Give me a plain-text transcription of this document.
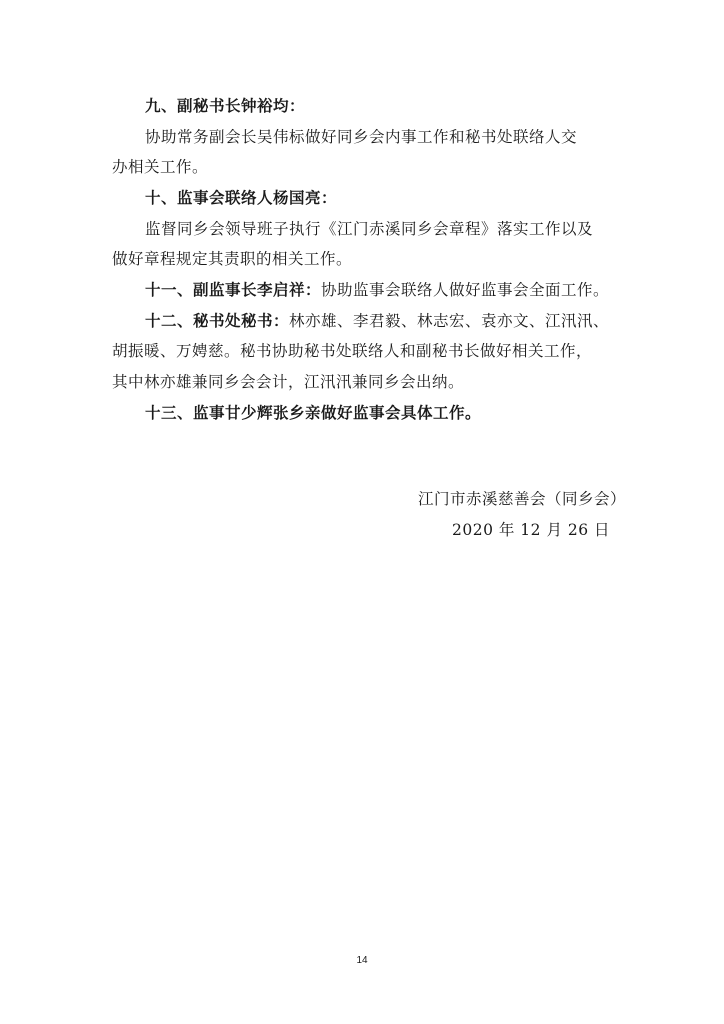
九、副秘书长钟裕均：
协助常务副会长吴伟标做好同乡会内事工作和秘书处联络人交
办相关工作。
十、监事会联络人杨国亮：
监督同乡会领导班子执行《江门赤溪同乡会章程》落实工作以及
做好章程规定其责职的相关工作。
十一、副监事长李启祥：协助监事会联络人做好监事会全面工作。
十二、秘书处秘书：林亦雄、李君毅、林志宏、袁亦文、江汛汛、
胡振暖、万娉慈。秘书协助秘书处联络人和副秘书长做好相关工作，
其中林亦雄兼同乡会会计，江汛汛兼同乡会出纳。
十三、监事甘少辉张乡亲做好监事会具体工作。
江门市赤溪慈善会（同乡会）
2020 年 12 月 26 日
14
